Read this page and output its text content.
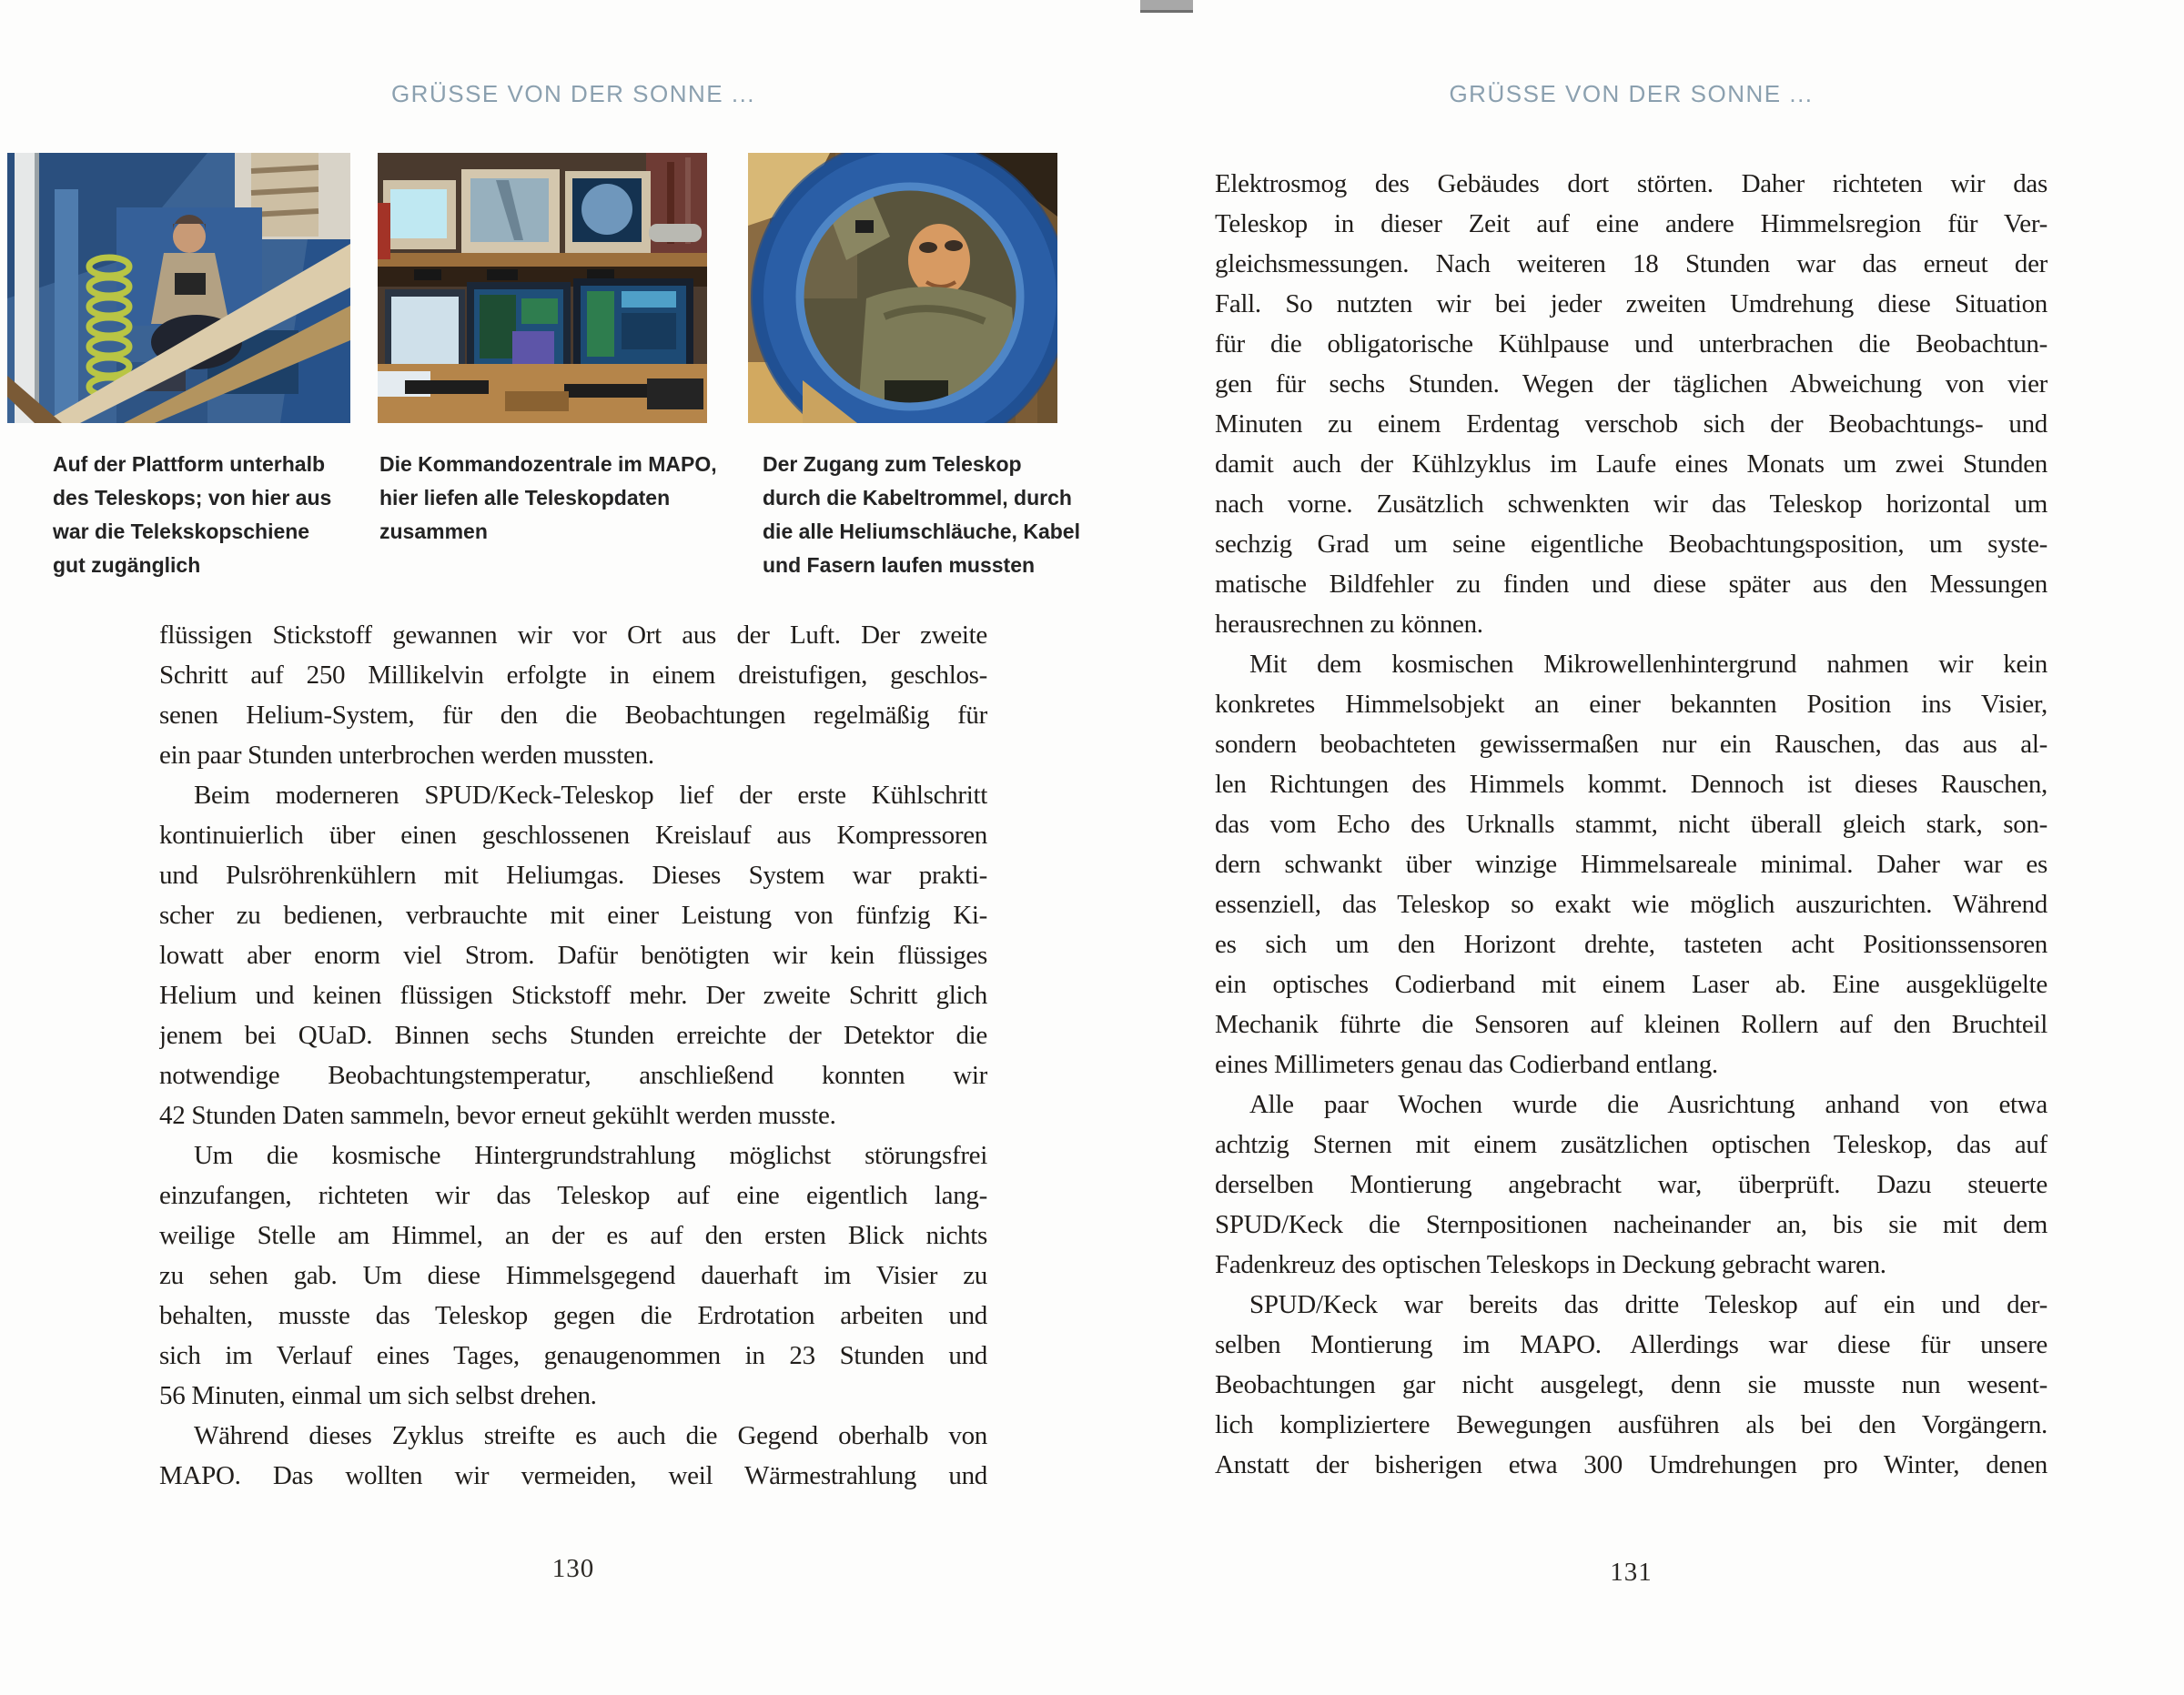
GRÜSSE VON DER SONNE ...
Auf der Plattform unterhalb
des Teleskops; von hier aus
war die Telekskopschiene
gut zugänglich
Die Kommandozentrale im MAPO,
hier liefen alle Teleskopdaten
zusammen
Der Zugang zum Teleskop
durch die Kabeltrommel, durch
die alle Heliumschläuche, Kabel
und Fasern laufen mussten
flüssigen Stickstoff gewannen wir vor Ort aus der Luft. Der zweite
Schritt auf 250 Millikelvin erfolgte in einem dreistufigen, geschlos-
senen Helium-System, für den die Beobachtungen regelmäßig für
ein paar Stunden unterbrochen werden mussten.
Beim moderneren SPUD/Keck-Teleskop lief der erste Kühlschritt
kontinuierlich über einen geschlossenen Kreislauf aus Kompressoren
und Pulsröhrenkühlern mit Heliumgas. Dieses System war prakti-
scher zu bedienen, verbrauchte mit einer Leistung von fünfzig Ki-
lowatt aber enorm viel Strom. Dafür benötigten wir kein flüssiges
Helium und keinen flüssigen Stickstoff mehr. Der zweite Schritt glich
jenem bei QUaD. Binnen sechs Stunden erreichte der Detektor die
notwendige Beobachtungstemperatur, anschließend konnten wir
42 Stunden Daten sammeln, bevor erneut gekühlt werden musste.
Um die kosmische Hintergrundstrahlung möglichst störungsfrei
einzufangen, richteten wir das Teleskop auf eine eigentlich lang-
weilige Stelle am Himmel, an der es auf den ersten Blick nichts
zu sehen gab. Um diese Himmelsgegend dauerhaft im Visier zu
behalten, musste das Teleskop gegen die Erdrotation arbeiten und
sich im Verlauf eines Tages, genaugenommen in 23 Stunden und
56 Minuten, einmal um sich selbst drehen.
Während dieses Zyklus streifte es auch die Gegend oberhalb von
MAPO. Das wollten wir vermeiden, weil Wärmestrahlung und
130
GRÜSSE VON DER SONNE ...
Elektrosmog des Gebäudes dort störten. Daher richteten wir das
Teleskop in dieser Zeit auf eine andere Himmelsregion für Ver-
gleichsmessungen. Nach weiteren 18 Stunden war das erneut der
Fall. So nutzten wir bei jeder zweiten Umdrehung diese Situation
für die obligatorische Kühlpause und unterbrachen die Beobachtun-
gen für sechs Stunden. Wegen der täglichen Abweichung von vier
Minuten zu einem Erdentag verschob sich der Beobachtungs- und
damit auch der Kühlzyklus im Laufe eines Monats um zwei Stunden
nach vorne. Zusätzlich schwenkten wir das Teleskop horizontal um
sechzig Grad um seine eigentliche Beobachtungsposition, um syste-
matische Bildfehler zu finden und diese später aus den Messungen
herausrechnen zu können.
Mit dem kosmischen Mikrowellenhintergrund nahmen wir kein
konkretes Himmelsobjekt an einer bekannten Position ins Visier,
sondern beobachteten gewissermaßen nur ein Rauschen, das aus al-
len Richtungen des Himmels kommt. Dennoch ist dieses Rauschen,
das vom Echo des Urknalls stammt, nicht überall gleich stark, son-
dern schwankt über winzige Himmelsareale minimal. Daher war es
essenziell, das Teleskop so exakt wie möglich auszurichten. Während
es sich um den Horizont drehte, tasteten acht Positionssensoren
ein optisches Codierband mit einem Laser ab. Eine ausgeklügelte
Mechanik führte die Sensoren auf kleinen Rollern auf den Bruchteil
eines Millimeters genau das Codierband entlang.
Alle paar Wochen wurde die Ausrichtung anhand von etwa
achtzig Sternen mit einem zusätzlichen optischen Teleskop, das auf
derselben Montierung angebracht war, überprüft. Dazu steuerte
SPUD/Keck die Sternpositionen nacheinander an, bis sie mit dem
Fadenkreuz des optischen Teleskops in Deckung gebracht waren.
SPUD/Keck war bereits das dritte Teleskop auf ein und der-
selben Montierung im MAPO. Allerdings war diese für unsere
Beobachtungen gar nicht ausgelegt, denn sie musste nun wesent-
lich kompliziertere Bewegungen ausführen als bei den Vorgängern.
Anstatt der bisherigen etwa 300 Umdrehungen pro Winter, denen
131
